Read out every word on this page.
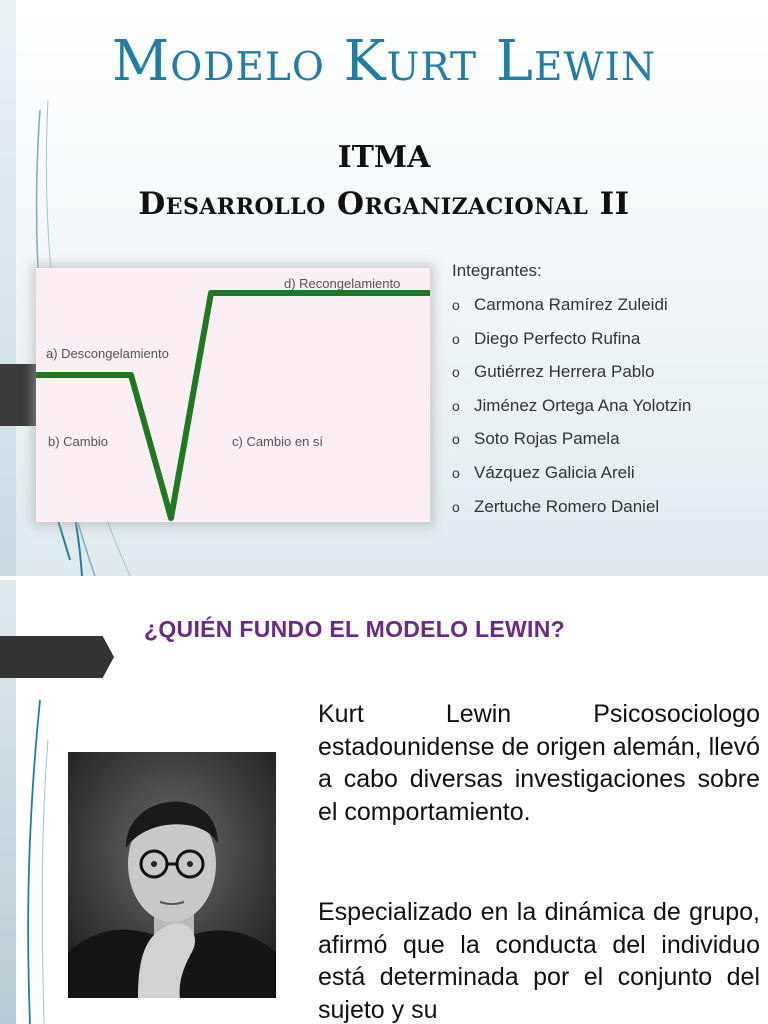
Modelo Kurt Lewin
ITMA
Desarrollo Organizacional II
a) Descongelamiento
b) Cambio	c) Cambio en sí
d) Recongelamiento
Integrantes:
o Carmona Ramírez Zuleidi
o Diego Perfecto Rufina
o Gutiérrez Herrera Pablo
o Jiménez Ortega Ana Yolotzin
o Soto Rojas Pamela
o Vázquez Galicia Areli
o Zertuche Romero Daniel
¿QUIÉN FUNDO EL MODELO LEWIN?
Kurt Lewin Psicosociologo estadounidense de origen alemán, llevó a cabo diversas investigaciones sobre el comportamiento.
Especializado en la dinámica de grupo, afirmó que la conducta del individuo está determinada por el conjunto del sujeto y su
